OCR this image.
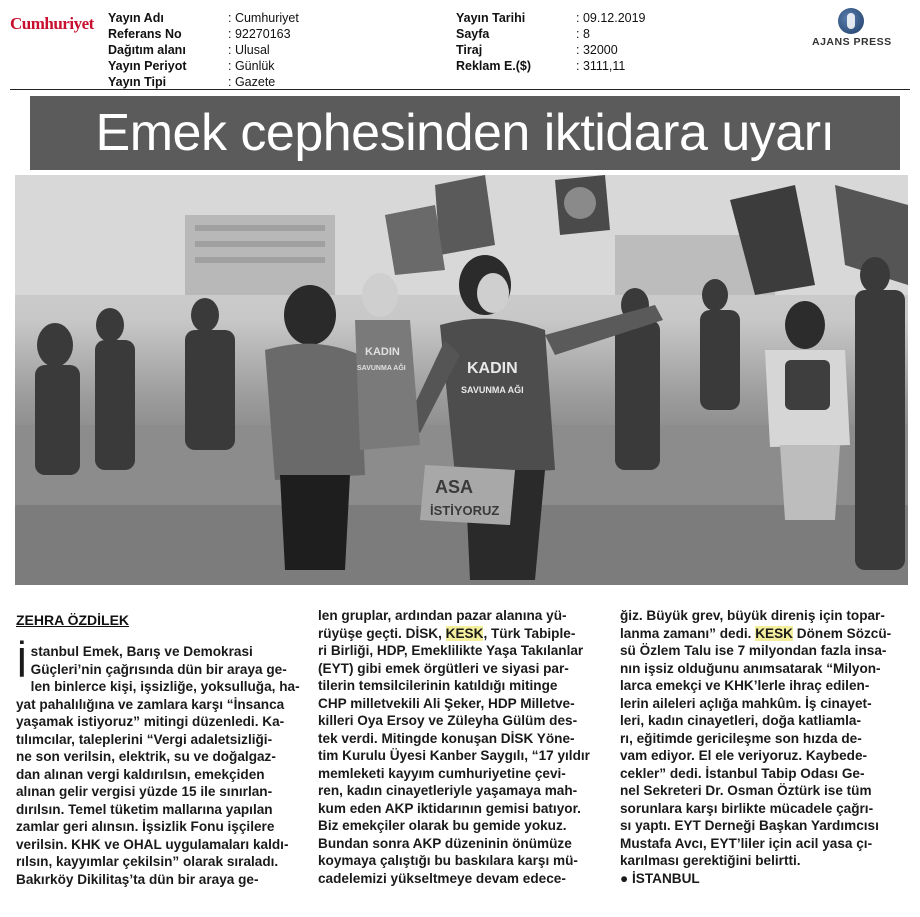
Cumhuriyet	Yayın Adı	: Cumhuriyet
Referans No	: 92270163
Dağıtım alanı	: Ulusal
Yayın Periyot	: Günlük
Yayın Tipi	: Gazete
Yayın Tarihi	: 09.12.2019
Sayfa	: 8
Tiraj	: 32000
Reklam E.($)	: 3111,11
AJANS PRESS
Emek cephesinden iktidara uyarı
KADIN
SAVUNMA AĞI
KADIN
SAVUNMA AĞI
ASA
İSTİYORUZ
ZEHRA ÖZDİLEK
İ stanbul Emek, Barış ve Demokrasi

Güçleri’nin çağrısında dün bir araya ge-

len binlerce kişi, işsizliğe, yoksulluğa, ha-

yat pahalılığına ve zamlara karşı “İnsanca

yaşamak istiyoruz” mitingi düzenledi. Ka-

tılımcılar, taleplerini “Vergi adaletsizliği-

ne son verilsin, elektrik, su ve doğalgaz-

dan alınan vergi kaldırılsın, emekçiden

alınan gelir vergisi yüzde 15 ile sınırlan-

dırılsın. Temel tüketim mallarına yapılan

zamlar geri alınsın. İşsizlik Fonu işçilere

verilsin. KHK ve OHAL uygulamaları kaldı-

rılsın, kayyımlar çekilsin” olarak sıraladı.

Bakırköy Dikilitaş’ta dün bir araya ge-

len gruplar, ardından pazar alanına yü-

rüyüşe geçti. DİSK, KESK, Türk Tabiple-

ri Birliği, HDP, Emeklilikte Yaşa Takılanlar

(EYT) gibi emek örgütleri ve siyasi par-

tilerin temsilcilerinin katıldığı mitinge

CHP milletvekili Ali Şeker, HDP Milletve-

killeri Oya Ersoy ve Züleyha Gülüm des-

tek verdi. Mitingde konuşan DİSK Yöne-

tim Kurulu Üyesi Kanber Saygılı, “17 yıldır

memleketi kayyım cumhuriyetine çevi-

ren, kadın cinayetleriyle yaşamaya mah-

kum eden AKP iktidarının gemisi batıyor.

Biz emekçiler olarak bu gemide yokuz.

Bundan sonra AKP düzeninin önümüze

koymaya çalıştığı bu baskılara karşı mü-

cadelemizi yükseltmeye devam edece-

ğiz. Büyük grev, büyük direniş için topar-

lanma zamanı” dedi. KESK Dönem Sözcü-

sü Özlem Talu ise 7 milyondan fazla insa-

nın işsiz olduğunu anımsatarak “Milyon-

larca emekçi ve KHK’lerle ihraç edilen-

lerin aileleri açlığa mahkûm. İş cinayet-

leri, kadın cinayetleri, doğa katliamla-

rı, eğitimde gericileşme son hızda de-

vam ediyor. El ele veriyoruz. Kaybede-

cekler” dedi. İstanbul Tabip Odası Ge-

nel Sekreteri Dr. Osman Öztürk ise tüm

sorunlara karşı birlikte mücadele çağrı-

sı yaptı. EYT Derneği Başkan Yardımcısı

Mustafa Avcı, EYT’liler için acil yasa çı-

karılması gerektiğini belirtti.

● İSTANBUL
